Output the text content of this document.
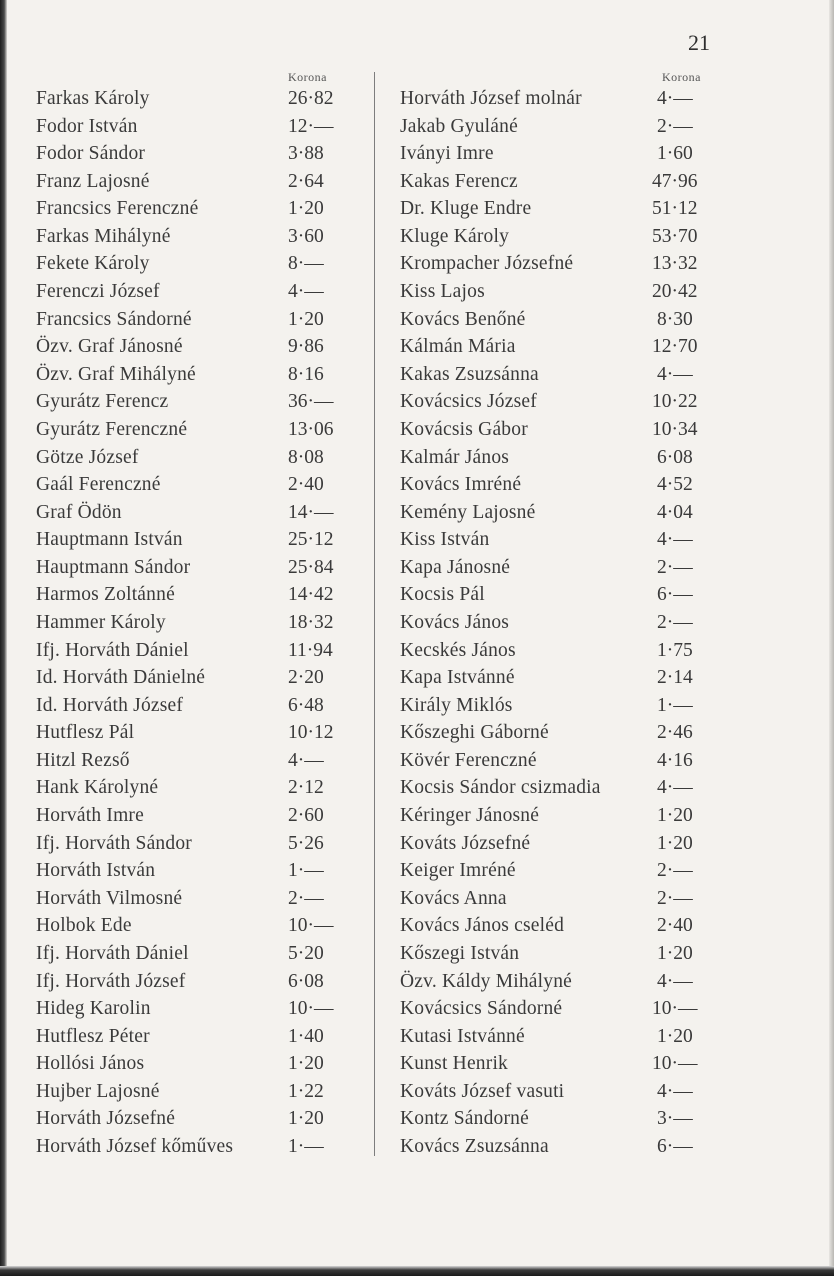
21
Korona	Korona
Farkas Károly	26·82
Fodor István	12·—
Fodor Sándor	3·88
Franz Lajosné	2·64
Francsics Ferenczné	1·20
Farkas Mihályné	3·60
Fekete Károly	8·—
Ferenczi József	4·—
Francsics Sándorné	1·20
Özv. Graf Jánosné	9·86
Özv. Graf Mihályné	8·16
Gyurátz Ferencz	36·—
Gyurátz Ferenczné	13·06
Götze József	8·08
Gaál Ferenczné	2·40
Graf Ödön	14·—
Hauptmann István	25·12
Hauptmann Sándor	25·84
Harmos Zoltánné	14·42
Hammer Károly	18·32
Ifj. Horváth Dániel	11·94
Id. Horváth Dánielné	2·20
Id. Horváth József	6·48
Hutflesz Pál	10·12
Hitzl Rezső	4·—
Hank Károlyné	2·12
Horváth Imre	2·60
Ifj. Horváth Sándor	5·26
Horváth István	1·—
Horváth Vilmosné	2·—
Holbok Ede	10·—
Ifj. Horváth Dániel	5·20
Ifj. Horváth József	6·08
Hideg Karolin	10·—
Hutflesz Péter	1·40
Hollósi János	1·20
Hujber Lajosné	1·22
Horváth Józsefné	1·20
Horváth József kőműves	1·—
Horváth József molnár	4·—
Jakab Gyuláné	2·—
Iványi Imre	1·60
Kakas Ferencz	47·96
Dr. Kluge Endre	51·12
Kluge Károly	53·70
Krompacher Józsefné	13·32
Kiss Lajos	20·42
Kovács Benőné	8·30
Kálmán Mária	12·70
Kakas Zsuzsánna	4·—
Kovácsics József	10·22
Kovácsis Gábor	10·34
Kalmár János	6·08
Kovács Imréné	4·52
Kemény Lajosné	4·04
Kiss István	4·—
Kapa Jánosné	2·—
Kocsis Pál	6·—
Kovács János	2·—
Kecskés János	1·75
Kapa Istvánné	2·14
Király Miklós	1·—
Kőszeghi Gáborné	2·46
Kövér Ferenczné	4·16
Kocsis Sándor csizmadia	4·—
Kéringer Jánosné	1·20
Kováts Józsefné	1·20
Keiger Imréné	2·—
Kovács Anna	2·—
Kovács János cseléd	2·40
Kőszegi István	1·20
Özv. Káldy Mihályné	4·—
Kovácsics Sándorné	10·—
Kutasi Istvánné	1·20
Kunst Henrik	10·—
Kováts József vasuti	4·—
Kontz Sándorné	3·—
Kovács Zsuzsánna	6·—
